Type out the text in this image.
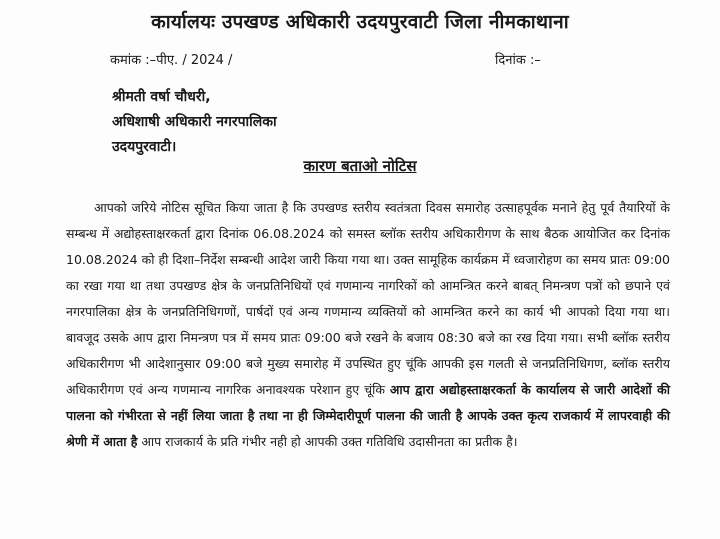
कार्यालयः उपखण्ड अधिकारी उदयपुरवाटी जिला नीमकाथाना
कमांक :–पीए. / 2024 /	दिनांक :–
श्रीमती वर्षा चौधरी,
अधिशाषी अधिकारी नगरपालिका
उदयपुरवाटी।
कारण बताओ नोटिस

आपको जरिये नोटिस सूचित किया जाता है कि उपखण्ड स्तरीय स्वतंत्रता दिवस समारोह उत्साहपूर्वक मनाने हेतु पूर्व तैयारियों के सम्बन्ध में अद्योहस्ताक्षरकर्ता द्वारा दिनांक 06.08.2024 को समस्त ब्लॉक स्तरीय अधिकारीगण के साथ बैठक आयोजित कर दिनांक 10.08.2024 को ही दिशा–निर्देश सम्बन्धी आदेश जारी किया गया था। उक्त सामूहिक कार्यक्रम में ध्वजारोहण का समय प्रातः 09:00 का रखा गया था तथा उपखण्ड क्षेत्र के जनप्रतिनिधियों एवं गणमान्य नागरिकों को आमन्त्रित करने बाबत् निमन्त्रण पत्रों को छपाने एवं नगरपालिका क्षेत्र के जनप्रतिनिधिगणों, पार्षदों एवं अन्य गणमान्य व्यक्तियों को आमन्त्रित करने का कार्य भी आपको दिया गया था। बावजूद उसके आप द्वारा निमन्त्रण पत्र में समय प्रातः 09:00 बजे रखने के बजाय 08:30 बजे का रख दिया गया। सभी ब्लॉक स्तरीय अधिकारीगण भी आदेशानुसार 09:00 बजे मुख्य समारोह में उपस्थित हुए चूंकि आपकी इस गलती से जनप्रतिनिधिगण, ब्लॉक स्तरीय अधिकारीगण एवं अन्य गणमान्य नागरिक अनावश्यक परेशान हुए चूंकि आप द्वारा अद्योहस्ताक्षरकर्ता के कार्यालय से जारी आदेशों की पालना को गंभीरता से नहीं लिया जाता है तथा ना ही जिम्मेदारीपूर्ण पालना की जाती है आपके उक्त कृत्य राजकार्य में लापरवाही की श्रेणी में आता है आप राजकार्य के प्रति गंभीर नही हो आपकी उक्त गतिविधि उदासीनता का प्रतीक है।
